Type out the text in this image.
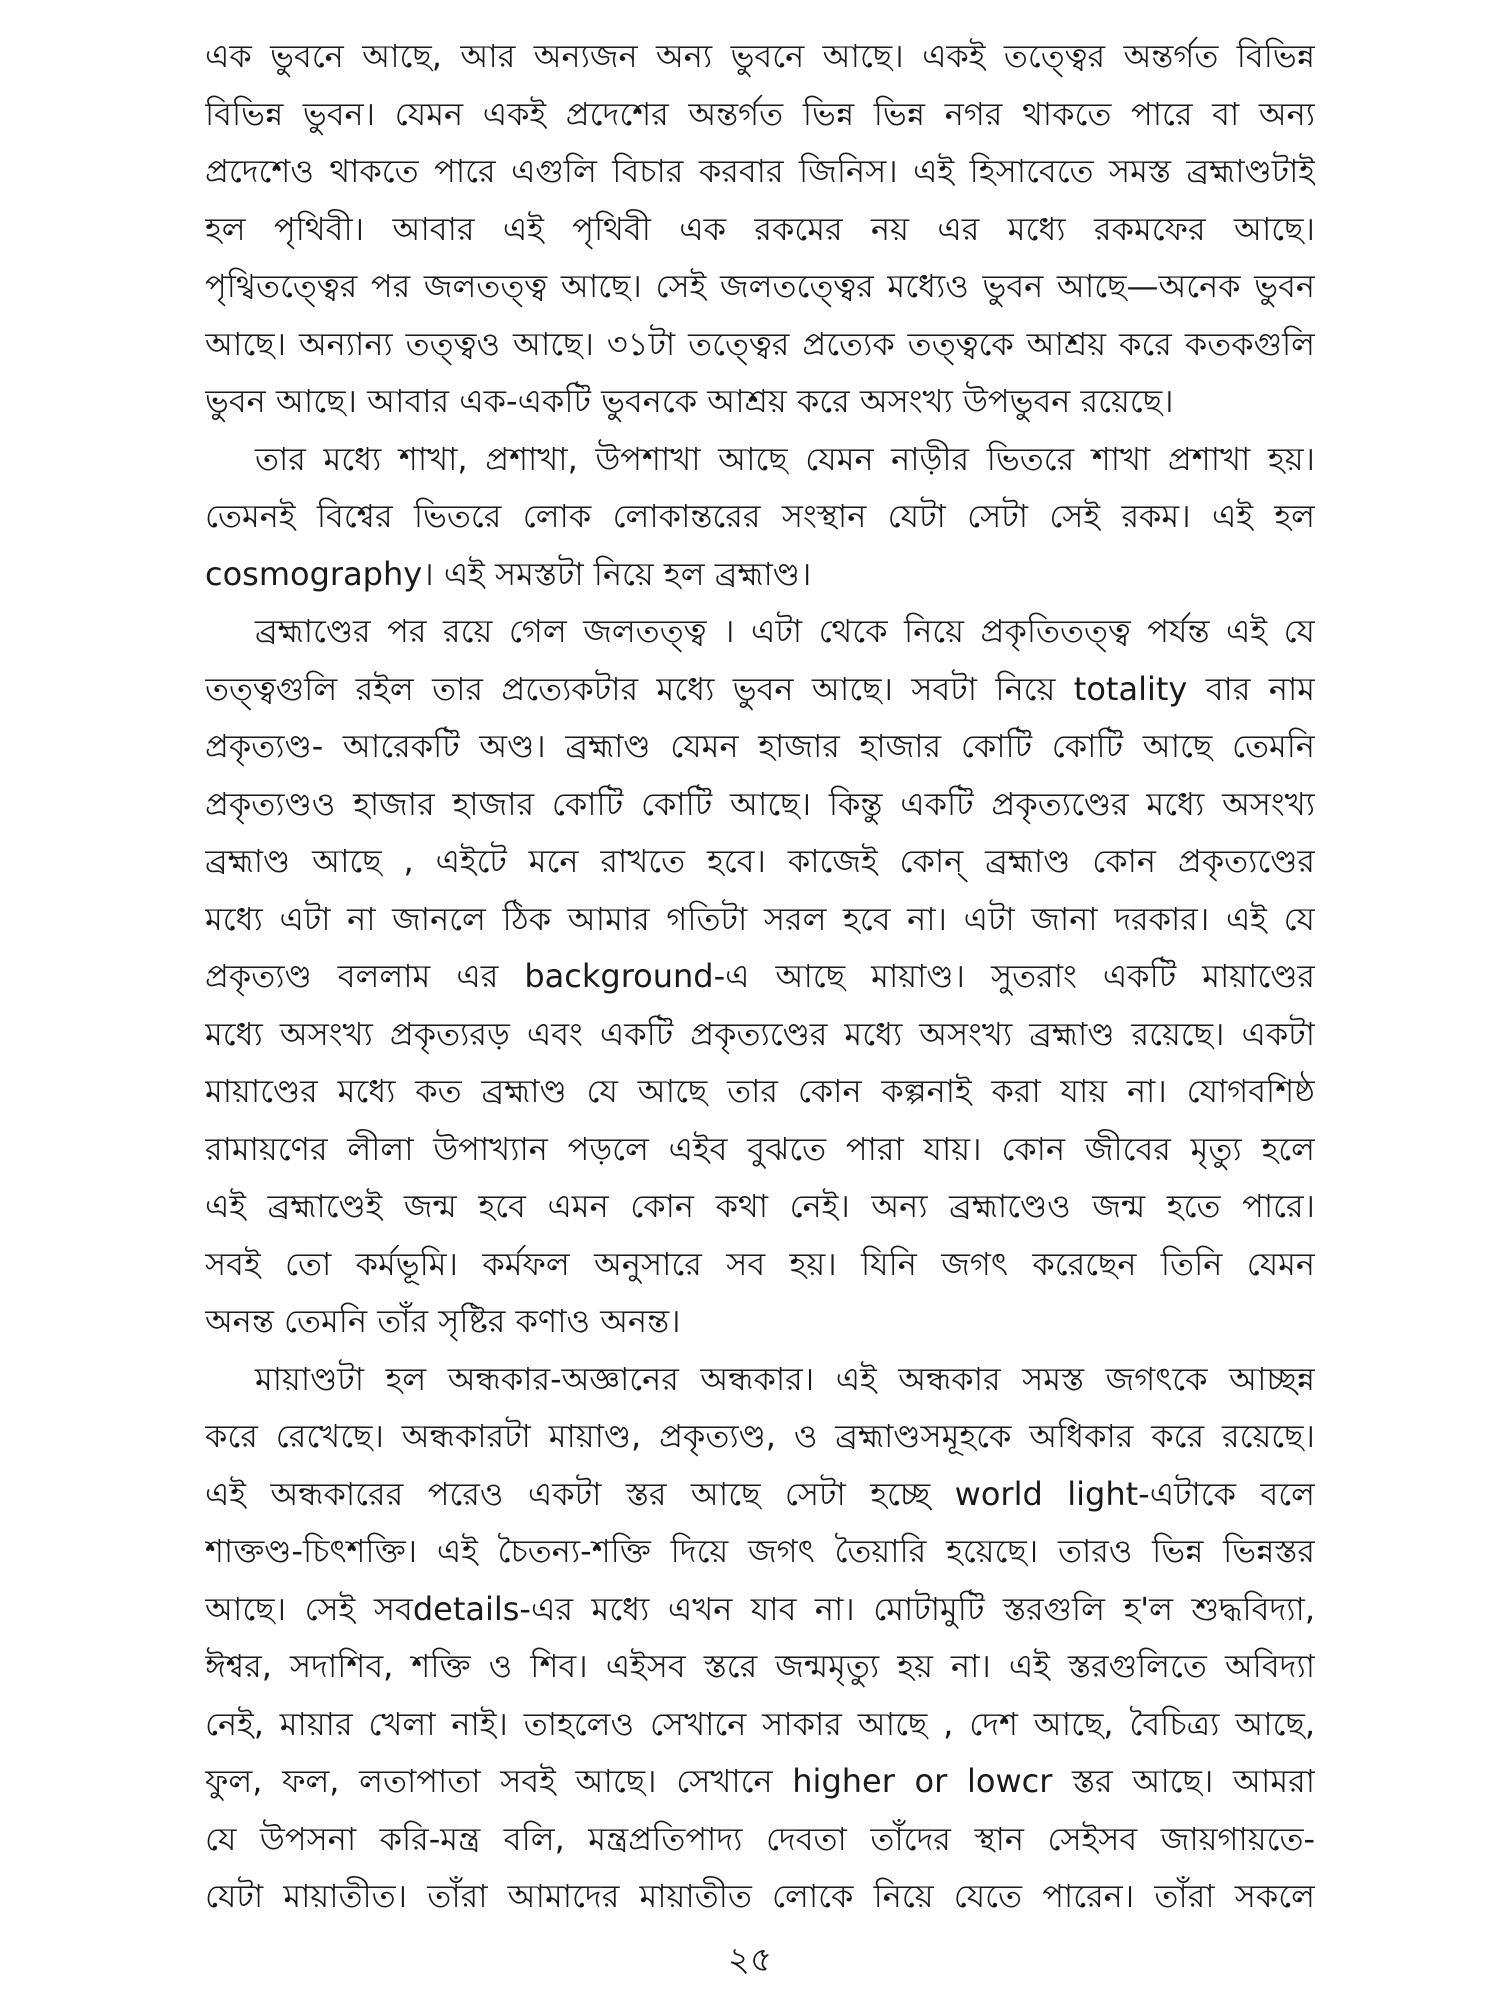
এক ভুবনে আছে, আর অন্যজন অন্য ভুবনে আছে। একই তত্ত্বের অন্তর্গত বিভিন্ন
বিভিন্ন ভুবন। যেমন একই প্রদেশের অন্তর্গত ভিন্ন ভিন্ন নগর থাকতে পারে বা অন্য
প্রদেশেও থাকতে পারে এগুলি বিচার করবার জিনিস। এই হিসাবেতে সমস্ত ব্রহ্মাণ্ডটাই
হল পৃথিবী। আবার এই পৃথিবী এক রকমের নয় এর মধ্যে রকমফের আছে।
পৃথ্বিতত্ত্বের পর জলতত্ত্ব আছে। সেই জলতত্ত্বের মধ্যেও ভুবন আছে—অনেক ভুবন
আছে। অন্যান্য তত্ত্বও আছে। ৩১টা তত্ত্বের প্রত্যেক তত্ত্বকে আশ্রয় করে কতকগুলি
ভুবন আছে। আবার এক-একটি ভুবনকে আশ্রয় করে অসংখ্য উপভুবন রয়েছে।
তার মধ্যে শাখা, প্রশাখা, উপশাখা আছে যেমন নাড়ীর ভিতরে শাখা প্রশাখা হয়।
তেমনই বিশ্বের ভিতরে লোক লোকান্তরের সংস্থান যেটা সেটা সেই রকম। এই হল
cosmography। এই সমস্তটা নিয়ে হল ব্রহ্মাণ্ড।
ব্রহ্মাণ্ডের পর রয়ে গেল জলতত্ত্ব । এটা থেকে নিয়ে প্রকৃতিতত্ত্ব পর্যন্ত এই যে
তত্ত্বগুলি রইল তার প্রত্যেকটার মধ্যে ভুবন আছে। সবটা নিয়ে totality বার নাম
প্রকৃত্যণ্ড- আরেকটি অণ্ড। ব্রহ্মাণ্ড যেমন হাজার হাজার কোটি কোটি আছে তেমনি
প্রকৃত্যণ্ডও হাজার হাজার কোটি কোটি আছে। কিন্তু একটি প্রকৃত্যণ্ডের মধ্যে অসংখ্য
ব্রহ্মাণ্ড আছে , এইটে মনে রাখতে হবে। কাজেই কোন্ ব্রহ্মাণ্ড কোন প্রকৃত্যণ্ডের
মধ্যে এটা না জানলে ঠিক আমার গতিটা সরল হবে না। এটা জানা দরকার। এই যে
প্রকৃত্যণ্ড বললাম এর background-এ আছে মায়াণ্ড। সুতরাং একটি মায়াণ্ডের
মধ্যে অসংখ্য প্রকৃত্যরড় এবং একটি প্রকৃত্যণ্ডের মধ্যে অসংখ্য ব্রহ্মাণ্ড রয়েছে। একটা
মায়াণ্ডের মধ্যে কত ব্রহ্মাণ্ড যে আছে তার কোন কল্পনাই করা যায় না। যোগবশিষ্ঠ
রামায়ণের লীলা উপাখ্যান পড়লে এইব বুঝতে পারা যায়। কোন জীবের মৃত্যু হলে
এই ব্রহ্মাণ্ডেই জন্ম হবে এমন কোন কথা নেই। অন্য ব্রহ্মাণ্ডেও জন্ম হতে পারে।
সবই তো কর্মভূমি। কর্মফল অনুসারে সব হয়। যিনি জগৎ করেছেন তিনি যেমন
অনন্ত তেমনি তাঁর সৃষ্টির কণাও অনন্ত।
মায়াণ্ডটা হল অন্ধকার-অজ্ঞানের অন্ধকার। এই অন্ধকার সমস্ত জগৎকে আচ্ছন্ন
করে রেখেছে। অন্ধকারটা মায়াণ্ড, প্রকৃত্যণ্ড, ও ব্রহ্মাণ্ডসমূহকে অধিকার করে রয়েছে।
এই অন্ধকারের পরেও একটা স্তর আছে সেটা হচ্ছে world light-এটাকে বলে
শাক্তণ্ড-চিৎশক্তি। এই চৈতন্য-শক্তি দিয়ে জগৎ তৈয়ারি হয়েছে। তারও ভিন্ন ভিন্নস্তর
আছে। সেই সবdetails-এর মধ্যে এখন যাব না। মোটামুটি স্তরগুলি হ'ল শুদ্ধবিদ্যা,
ঈশ্বর, সদাশিব, শক্তি ও শিব। এইসব স্তরে জন্মমৃত্যু হয় না। এই স্তরগুলিতে অবিদ্যা
নেই, মায়ার খেলা নাই। তাহলেও সেখানে সাকার আছে , দেশ আছে, বৈচিত্র্য আছে,
ফুল, ফল, লতাপাতা সবই আছে। সেখানে higher or lowcr স্তর আছে। আমরা
যে উপসনা করি-মন্ত্র বলি, মন্ত্রপ্রতিপাদ্য দেবতা তাঁদের স্থান সেইসব জায়গায়তে-
যেটা মায়াতীত। তাঁরা আমাদের মায়াতীত লোকে নিয়ে যেতে পারেন। তাঁরা সকলে
২৫
